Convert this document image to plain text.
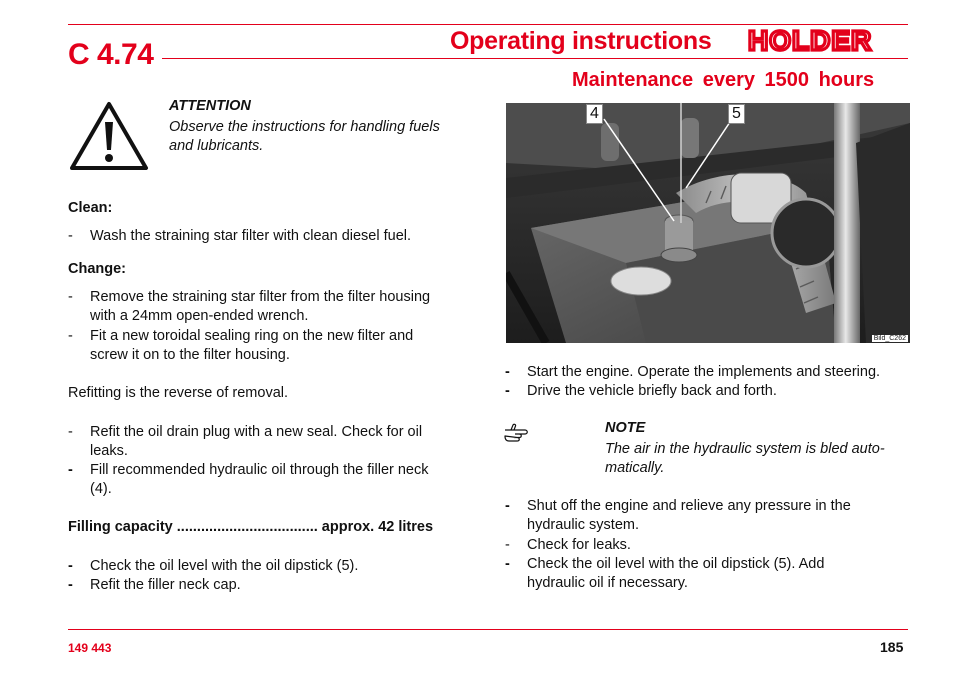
C 4.74	Operating instructions HOLDER
Maintenance every 1500 hours
ATTENTION
Observe the instructions for handling fuels
and lubricants.
Clean:
- Wash the straining star filter with clean diesel fuel.
Change:
- Remove the straining star filter from the filter housing
with a 24mm open-ended wrench.
- Fit a new toroidal sealing ring on the new filter and
screw it on to the filter housing.
Refitting is the reverse of removal.
- Refit the oil drain plug with a new seal. Check for oil
leaks.
- Fill recommended hydraulic oil through the filler neck
(4).
Filling capacity ................................... approx. 42 litres
- Check the oil level with the oil dipstick (5).
- Refit the filler neck cap.
4	5
Bild_C262
- Start the engine. Operate the implements and steering.
- Drive the vehicle briefly back and forth.
NOTE
The air in the hydraulic system is bled auto-
matically.
- Shut off the engine and relieve any pressure in the
hydraulic system.
- Check for leaks.
- Check the oil level with the oil dipstick (5). Add
hydraulic oil if necessary.
149 443	185
